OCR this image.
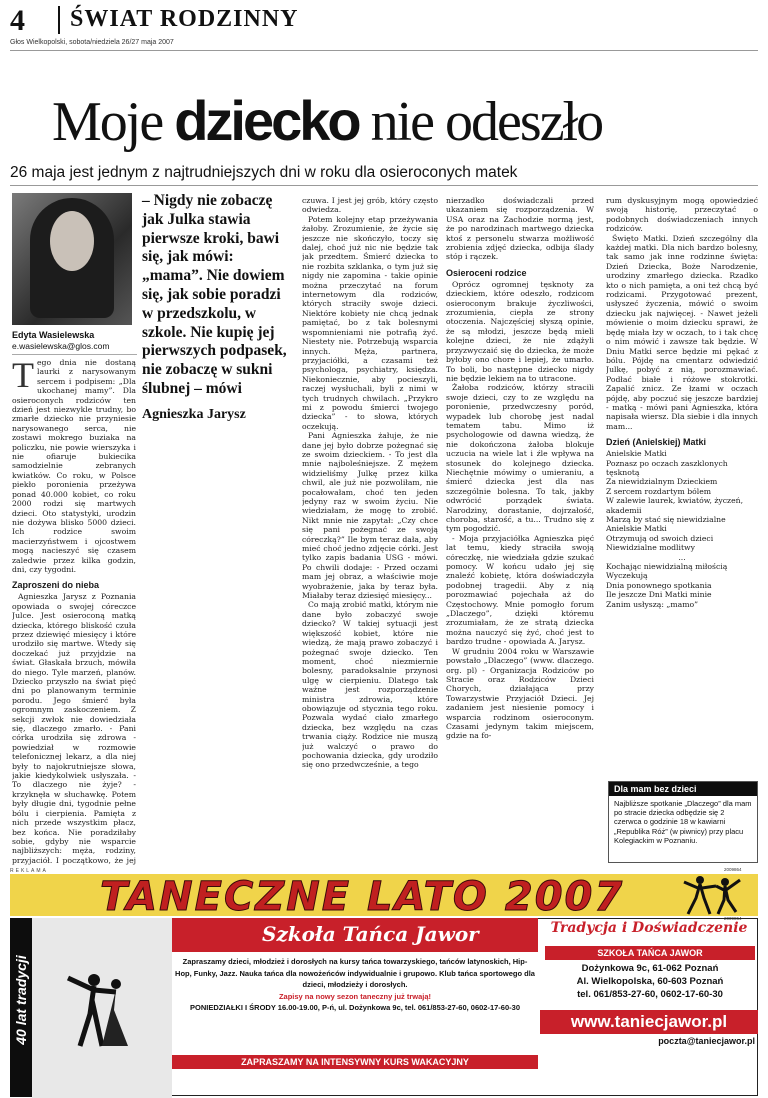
4 ŚWIAT RODZINNY
Głos Wielkopolski, sobota/niedziela 26/27 maja 2007
Moje dziecko nie odeszło
26 maja jest jednym z najtrudniejszych dni w roku dla osieroconych matek
Edyta Wasielewska
e.wasielewska@glos.com
T ego dnia nie dostaną laurki z narysowanym sercem i podpisem: „Dla ukochanej mamy”. Dla osieroconych rodziców ten dzień jest niezwykle trudny, bo zmarłe dziecko nie przyniesie narysowanego serca, nie zostawi mokrego buziaka na policzku, nie powie wierszyka i nie ofiaruje bukiecika samodzielnie zebranych kwiatków. Co roku, w Polsce piekło poronienia przeżywa ponad 40.000 kobiet, co roku 2000 rodzi się martwych dzieci. Oto statystyki, urodzin nie dożywa blisko 5000 dzieci. Ich rodzice swoim macierzyństwem i ojcostwem mogą nacieszyć się czasem zaledwie przez kilka godzin, dni, czy tygodni.

Zaproszeni do nieba

Agnieszka Jarysz z Poznania opowiada o swojej córeczce Julce. Jest osieroconą matką dziecka, którego bliskość czuła przez dziewięć miesięcy i które urodziło się martwe. Wtedy się doczekać już przyjdzie na świat. Głaskała brzuch, mówiła do niego. Tyle marzeń, planów. Dziecko przyszło na świat pięć dni po planowanym terminie porodu. Jego śmierć była ogromnym zaskoczeniem. Z sekcji zwłok nie dowiedziała się, dlaczego zmarło. - Pani córka urodziła się zdrowa - powiedział w rozmowie telefonicznej lekarz, a dla niej były to najokrutniejsze słowa, jakie kiedykolwiek usłyszała. - To dlaczego nie żyje? - krzyknęła w słuchawkę. Potem były długie dni, tygodnie pełne bólu i cierpienia. Pamięta z nich przede wszystkim płacz, bez końca. Nie poradziłaby sobie, gdyby nie wsparcie najbliższych: męża, rodziny, przyjaciół. I początkowo, że jej

– Nigdy nie zobaczę jak Julka stawia pierwsze kroki, bawi się, jak mówi: „mama”. Nie dowiem się, jak sobie poradzi w przedszkolu, w szkole. Nie kupię jej pierwszych podpasek, nie zobaczę w sukni ślubnej – mówi
Agnieszka Jarysz

czuwa. I jest jej grób, który często odwiedza.

Potem kolejny etap przeżywania żałoby. Zrozumienie, że życie się jeszcze nie skończyło, toczy się dalej, choć już nic nie będzie tak jak przedtem. Śmierć dziecka to nie rozbita szklanka, o tym już się nigdy nie zapomina - takie opinie można przeczytać na forum internetowym dla rodziców, których straciły swoje dzieci. Niektóre kobiety nie chcą jednak pamiętać, bo z tak bolesnymi wspomnieniami nie potrafią żyć. Niestety nie. Potrzebują wsparcia innych. Męża, partnera, przyjaciółki, a czasami też psychologa, psychiatry, księdza. Niekoniecznie, aby pocieszyli, raczej wysłuchali, byli z nimi w tych trudnych chwilach. „Przykro mi z powodu śmierci twojego dziecka” - to słowa, których oczekują.

Pani Agnieszka żałuje, że nie dane jej było dobrze pożegnać się ze swoim dzieckiem. - To jest dla mnie najboleśniejsze. Z mężem widzieliśmy Julkę przez kilka chwil, ale już nie pozwoliłam, nie pocałowałam, choć ten jeden jedyny raz w swoim życiu. Nie wiedziałam, że mogę to zrobić. Nikt mnie nie zapytał: „Czy chce się pani pożegnać ze swoją córeczką?” Ile bym teraz dała, aby mieć choć jedno zdjęcie córki. Jest tylko zapis badania USG - mówi. Po chwili dodaje: - Przed oczami mam jej obraz, a właściwie moje wyobrażenie, jaka by teraz była. Miałaby teraz dziesięć miesięcy...

Co mają zrobić matki, którym nie dane było zobaczyć swoje dziecko? W takiej sytuacji jest większość kobiet, które nie wiedzą, że mają prawo zobaczyć i pożegnać swoje dziecko. Ten moment, choć niezmiernie bolesny, paradoksalnie przynosi ulgę w cierpieniu. Dlatego tak ważne jest rozporządzenie ministra zdrowia, które obowiązuje od stycznia tego roku. Pozwala wydać ciało zmarłego dziecka, bez względu na czas trwania ciąży. Rodzice nie muszą już walczyć o prawo do pochowania dziecka, gdy urodziło się ono przedwcześnie, a tego

nierzadko doświadczali przed ukazaniem się rozporządzenia. W USA oraz na Zachodzie normą jest, że po narodzinach martwego dziecka ktoś z personelu stwarza możliwość zrobienia zdjęć dziecka, odbija ślady stóp i rączek.

Osieroceni rodzice

Oprócz ogromnej tęsknoty za dzieckiem, które odeszło, rodzicom osieroconym brakuje życzliwości, zrozumienia, ciepła ze strony otoczenia. Najczęściej słyszą opinie, że są młodzi, jeszcze będą mieli kolejne dzieci, że nie zdążyli przyzwyczaić się do dziecka, że może byłoby ono chore i lepiej, że umarło. To boli, bo następne dziecko nigdy nie będzie lekiem na to utracone.

Żałoba rodziców, którzy stracili swoje dzieci, czy to ze względu na poronienie, przedwczesny poród, wypadek lub chorobę jest nadal tematem tabu. Mimo iż psychologowie od dawna wiedzą, że nie dokończona żałoba blokuje uczucia na wiele lat i źle wpływa na stosunek do kolejnego dziecka. Niechętnie mówimy o umieraniu, a śmierć dziecka jest dla nas szczególnie bolesna. To tak, jakby odwrócić porządek świata. Narodziny, dorastanie, dojrzałość, choroba, starość, a tu... Trudno się z tym pogodzić.

- Moja przyjaciółka Agnieszka pięć lat temu, kiedy straciła swoją córeczkę, nie wiedziała gdzie szukać pomocy. W końcu udało jej się znaleźć kobietę, która doświadczyła podobnej tragedii. Aby z nią porozmawiać pojechała aż do Częstochowy. Mnie pomogło forum „Dlaczego”, dzięki któremu zrozumiałam, że ze stratą dziecka można nauczyć się żyć, choć jest to bardzo trudne - opowiada A. Jarysz.

W grudniu 2004 roku w Warszawie powstało „Dlaczego” (www. dlaczego. org. pl) - Organizacja Rodziców po Stracie oraz Rodziców Dzieci Chorych, działająca przy Towarzystwie Przyjaciół Dzieci. Jej zadaniem jest niesienie pomocy i wsparcia rodzinom osieroconym. Czasami jedynym takim miejscem, gdzie na fo-

rum dyskusyjnym mogą opowiedzieć swoją historię, przeczytać o podobnych doświadczeniach innych rodziców.

Święto Matki. Dzień szczególny dla każdej matki. Dla nich bardzo bolesny, tak samo jak inne rodzinne święta: Dzień Dziecka, Boże Narodzenie, urodziny zmarłego dziecka. Rzadko kto o nich pamięta, a oni też chcą być rodzicami. Przygotować prezent, usłyszeć życzenia, mówić o swoim dziecku jak najwięcej. - Nawet jeżeli mówienie o moim dziecku sprawi, że będę miała łzy w oczach, to i tak chcę o nim mówić i zawsze tak będzie. W Dniu Matki serce będzie mi pękać z bólu. Pójdę na cmentarz odwiedzić Julkę, pobyć z nią, porozmawiać. Podłać białe i różowe stokrotki. Zapalić znicz. Ze łzami w oczach pójdę, aby poczuć się jeszcze bardziej - matką - mówi pani Agnieszka, która napisała wiersz. Dla siebie i dla innych mam...

Dzień (Anielskiej) Matki
Anielskie Matki
Poznasz po oczach zaszklonych
tęsknotą
Za niewidzialnym Dzieckiem
Z sercem rozdartym bólem
W zalewie laurek, kwiatów, życzeń,
akademii
Marzą by stać się niewidzialne
Anielskie Matki
Otrzymują od swoich dzieci
Niewidzialne modlitwy
...
Kochając niewidzialną miłością
Wyczekują
Dnia ponownego spotkania
Ile jeszcze Dni Matki minie
Zanim usłyszą: „mamo”
Dla mam bez dzieci
Najbliższe spotkanie „Dlaczego” dla mam po stracie dziecka odbędzie się 2 czerwca o godzinie 18 w kawiarni „Republika Róż” (w piwnicy) przy placu Kolegiackim w Poznaniu.
REKLAMA	2009864
TANECZNE LATO 2007	2009864
40 lat tradycji
Szkoła Tańca Jawor
Zapraszamy dzieci, młodzież i dorosłych na kursy tańca towarzyskiego, tańców latynoskich, Hip-Hop, Funky, Jazz. Nauka tańca dla nowożeńców indywidualnie i grupowo. Klub tańca sportowego dla dzieci, młodzieży i dorosłych.
Zapisy na nowy sezon taneczny już trwają!
PONIEDZIAŁKI I ŚRODY 16.00-19.00, P-ń, ul. Dożynkowa 9c, tel. 061/853-27-60, 0602-17-60-30
ZAPRASZAMY NA INTENSYWNY KURS WAKACYJNY
Tradycja i Doświadczenie
SZKOŁA TAŃCA JAWOR
Dożynkowa 9c, 61-062 Poznań
Al. Wielkopolska, 60-603 Poznań
tel. 061/853-27-60, 0602-17-60-30
www.taniecjawor.pl
poczta@taniecjawor.pl
